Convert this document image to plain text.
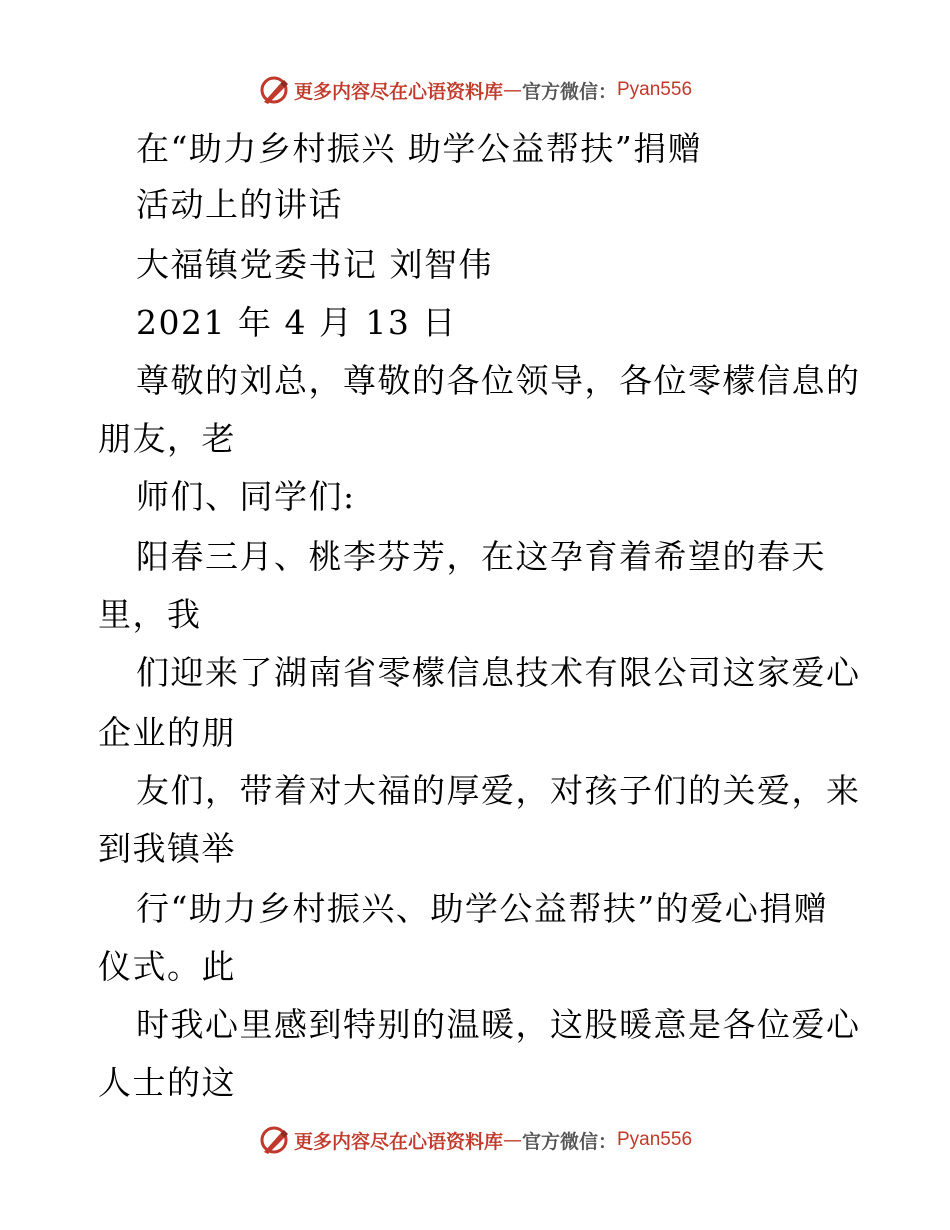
更多内容尽在心语资料库 — 官方微信： Pyan556
在“助力乡村振兴 助学公益帮扶”捐赠
活动上的讲话
大福镇党委书记 刘智伟
2021 年 4 月 13 日
尊敬的刘总，尊敬的各位领导，各位零檬信息的
朋友，老
师们、同学们:
阳春三月、桃李芬芳，在这孕育着希望的春天
里，我
们迎来了湖南省零檬信息技术有限公司这家爱心
企业的朋
友们，带着对大福的厚爱，对孩子们的关爱，来
到我镇举
行“助力乡村振兴、助学公益帮扶”的爱心捐赠
仪式。此
时我心里感到特别的温暖，这股暖意是各位爱心
人士的这
更多内容尽在心语资料库 — 官方微信： Pyan556
